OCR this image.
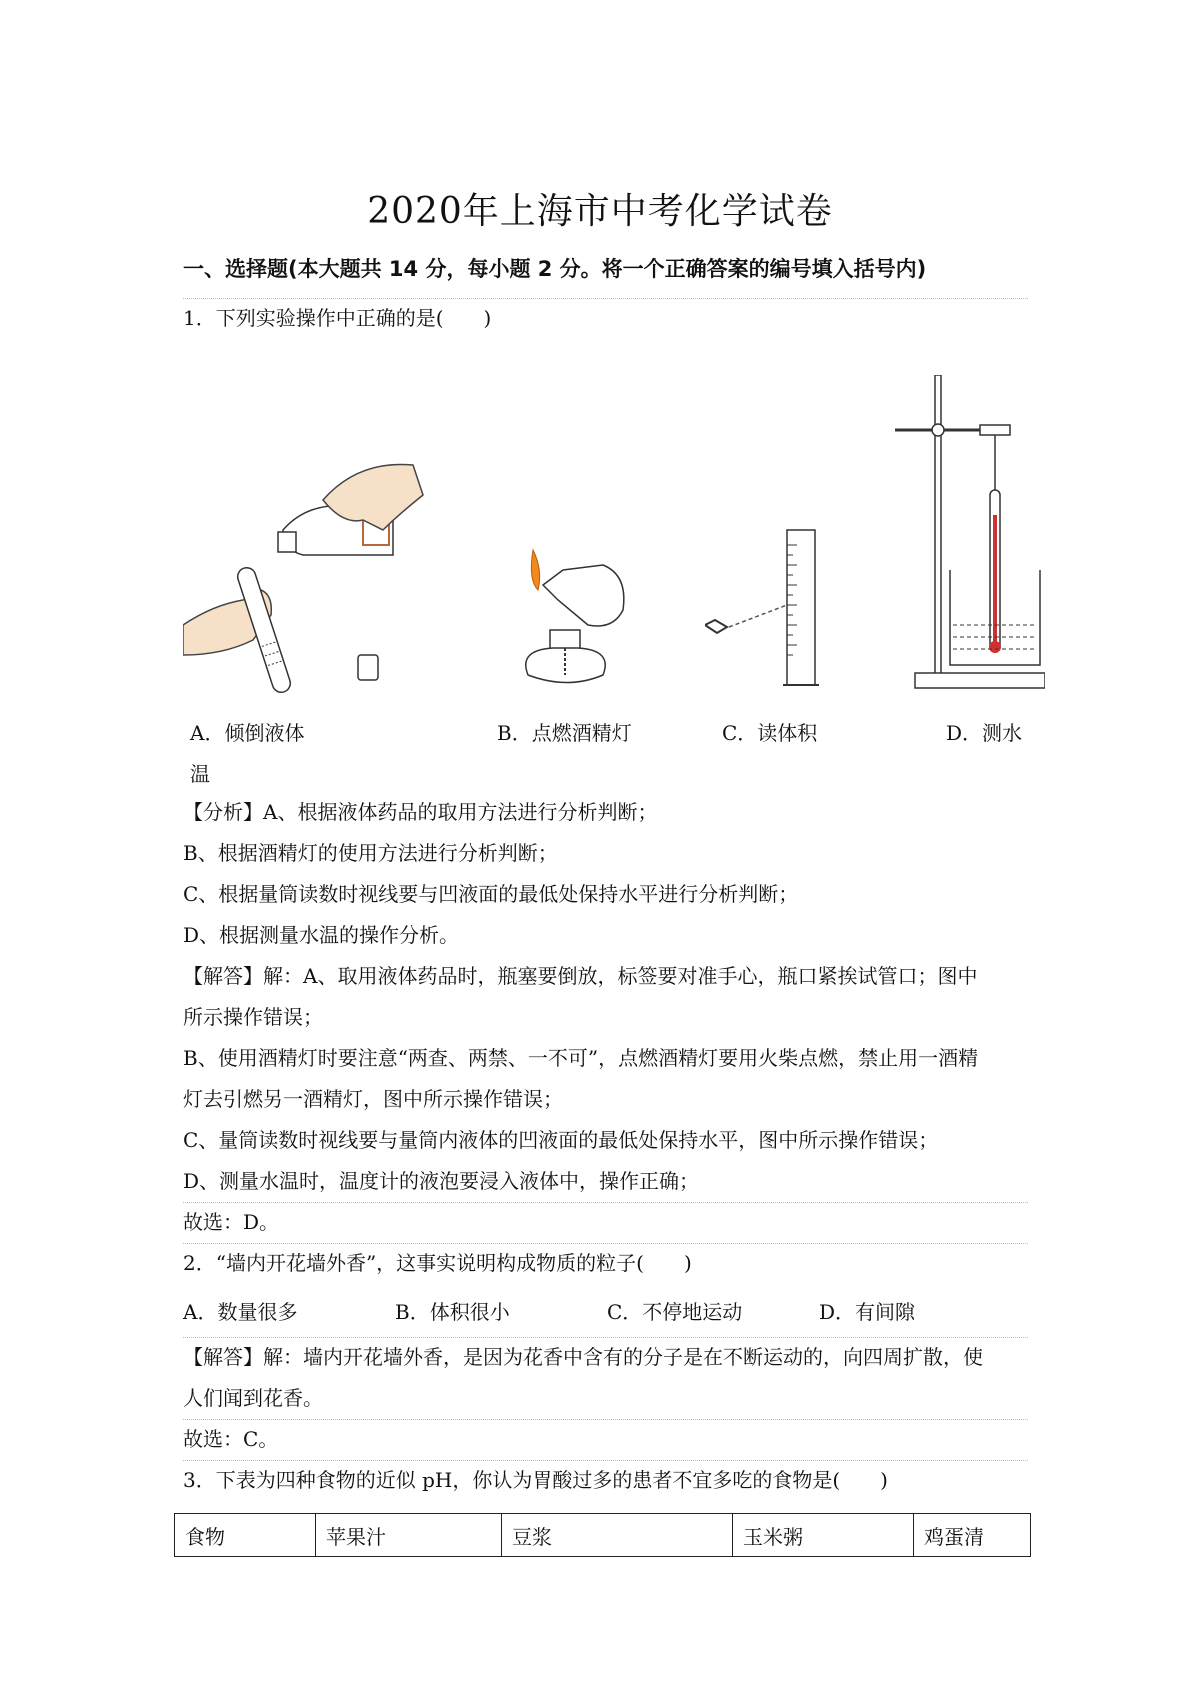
2020年上海市中考化学试卷
一、选择题(本大题共 14 分，每小题 2 分。将一个正确答案的编号填入括号内)
1．下列实验操作中正确的是(　　)
A．倾倒液体	B．点燃酒精灯	C．读体积	D．测水
温
【分析】A、根据液体药品的取用方法进行分析判断；
B、根据酒精灯的使用方法进行分析判断；
C、根据量筒读数时视线要与凹液面的最低处保持水平进行分析判断；
D、根据测量水温的操作分析。
【解答】解：A、取用液体药品时，瓶塞要倒放，标签要对准手心，瓶口紧挨试管口；图中
所示操作错误；
B、使用酒精灯时要注意“两查、两禁、一不可”，点燃酒精灯要用火柴点燃，禁止用一酒精
灯去引燃另一酒精灯，图中所示操作错误；
C、量筒读数时视线要与量筒内液体的凹液面的最低处保持水平，图中所示操作错误；
D、测量水温时，温度计的液泡要浸入液体中，操作正确；
故选：D。
2．“墙内开花墙外香”，这事实说明构成物质的粒子(　　)
A．数量很多	B．体积很小	C．不停地运动	D．有间隙
【解答】解：墙内开花墙外香，是因为花香中含有的分子是在不断运动的，向四周扩散，使
人们闻到花香。
故选：C。
3．下表为四种食物的近似 pH，你认为胃酸过多的患者不宜多吃的食物是(　　)
食物	苹果汁	豆浆	玉米粥	鸡蛋清
